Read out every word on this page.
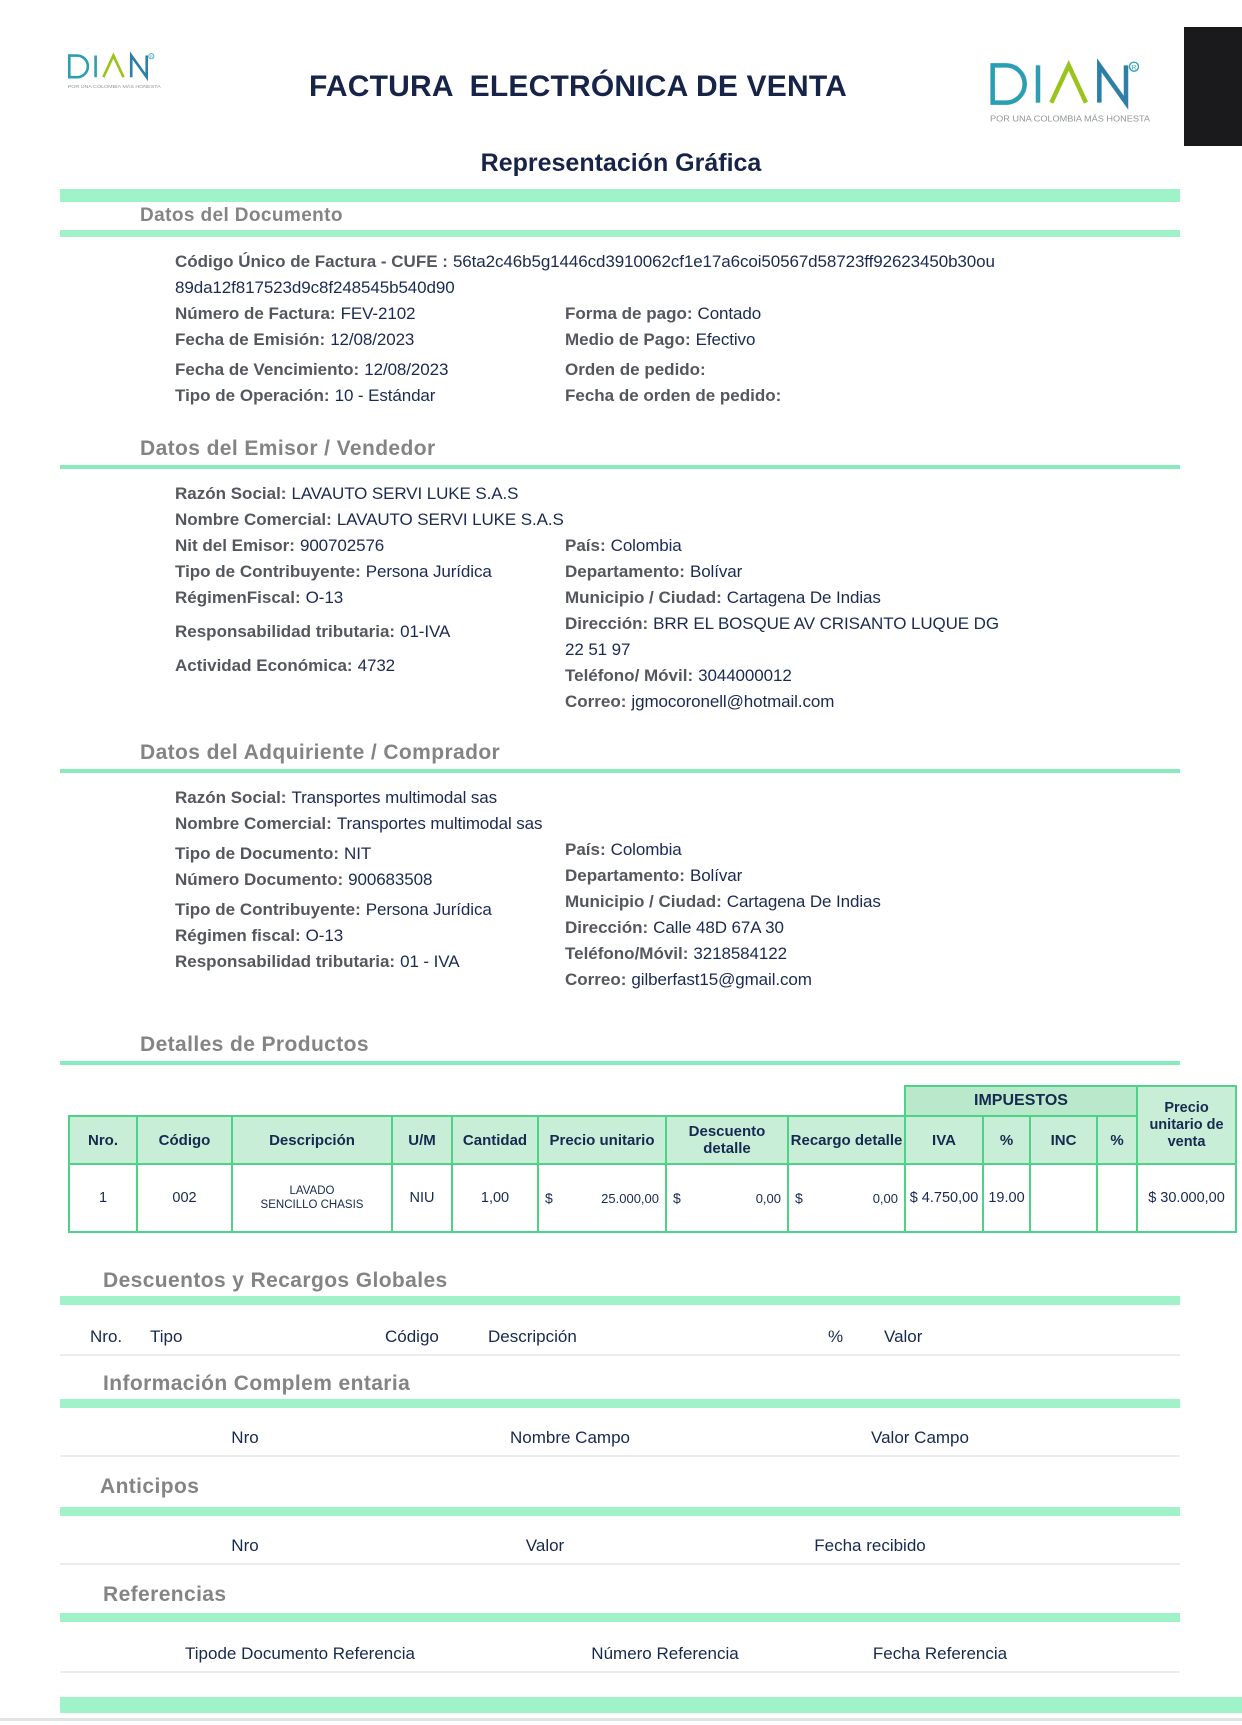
R
POR UNA COLOMBIA MÁS HONESTA	FACTURA  ELECTRÓNICA DE VENTA
R
POR UNA COLOMBIA MÁS HONESTA
Representación Gráfica
Datos del Documento
Código Único de Factura - CUFE : 56ta2c46b5g1446cd3910062cf1e17a6coi50567d58723ff92623450b30ou
89da12f817523d9c8f248545b540d90
Número de Factura: FEV-2102
Fecha de Emisión: 12/08/2023
Fecha de Vencimiento: 12/08/2023
Tipo de Operación: 10 - Estándar
Forma de pago: Contado
Medio de Pago: Efectivo
Orden de pedido:
Fecha de orden de pedido:
Datos del Emisor / Vendedor
Razón Social: LAVAUTO SERVI LUKE S.A.S
Nombre Comercial: LAVAUTO SERVI LUKE S.A.S
Nit del Emisor: 900702576
Tipo de Contribuyente: Persona Jurídica
RégimenFiscal: O-13
Responsabilidad tributaria: 01-IVA
Actividad Económica: 4732
País: Colombia
Departamento: Bolívar
Municipio / Ciudad: Cartagena De Indias
Dirección: BRR EL BOSQUE AV CRISANTO LUQUE DG 22 51 97
Teléfono/ Móvil: 3044000012
Correo: jgmocoronell@hotmail.com
Datos del Adquiriente / Comprador
Razón Social: Transportes multimodal sas
Nombre Comercial: Transportes multimodal sas
Tipo de Documento: NIT
Número Documento: 900683508
Tipo de Contribuyente: Persona Jurídica
Régimen fiscal: O-13
Responsabilidad tributaria: 01 - IVA
País: Colombia
Departamento: Bolívar
Municipio / Ciudad: Cartagena De Indias
Dirección: Calle 48D 67A 30
Teléfono/Móvil: 3218584122
Correo: gilberfast15@gmail.com
Detalles de Productos
								IMPUESTOS				Precio unitario de venta
Nro.	Código	Descripción	U/M	Cantidad	Precio unitario	Descuento detalle	Recargo detalle	IVA	%	INC	%	
1	002	LAVADO SENCILLO CHASIS	NIU	1,00	$ 25.000,00	$ 0,00	$ 0,00	$ 4.750,00	19.00			$ 30.000,00
Descuentos y Recargos Globales
Nro.	Tipo	Código	Descripción	%	Valor
Información Complem entaria
Nro	Nombre Campo	Valor Campo
Anticipos
Nro	Valor	Fecha recibido
Referencias
Tipode Documento Referencia	Número Referencia	Fecha Referencia
